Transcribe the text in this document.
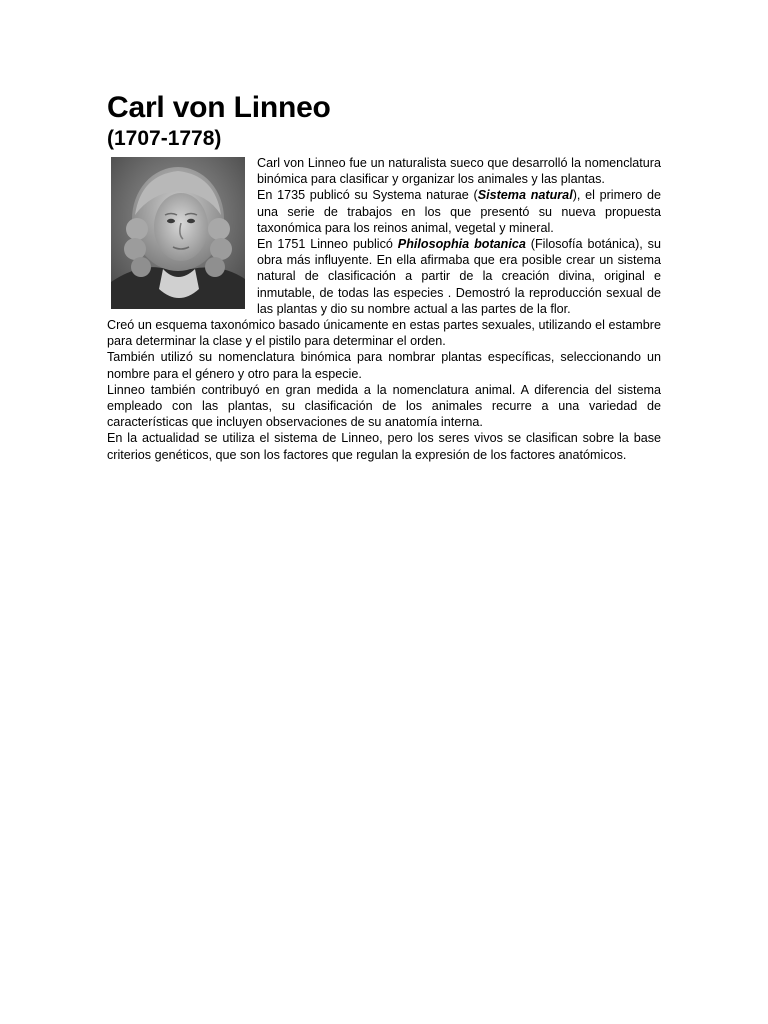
Carl von Linneo
(1707-1778)

Carl von Linneo fue un naturalista sueco que desarrolló la nomenclatura binómica para clasificar y organizar los animales y las plantas.

En 1735 publicó su Systema naturae (Sistema natural), el primero de una serie de trabajos en los que presentó su nueva propuesta taxonómica para los reinos animal, vegetal y mineral.

En 1751 Linneo publicó Philosophia botanica (Filosofía botánica), su obra más influyente. En ella afirmaba que era posible crear un sistema natural de clasificación a partir de la creación divina, original e inmutable, de todas las especies . Demostró la reproducción sexual de las plantas y dio su nombre actual a las partes de la flor.

Creó un esquema taxonómico basado únicamente en estas partes sexuales, utilizando el estambre para determinar la clase y el pistilo para determinar el orden.

También utilizó su nomenclatura binómica para nombrar plantas específicas, seleccionando un nombre para el género y otro para la especie.

Linneo también contribuyó en gran medida a la nomenclatura animal. A diferencia del sistema empleado con las plantas, su clasificación de los animales recurre a una variedad de características que incluyen observaciones de su anatomía interna.

En la actualidad se utiliza el sistema de Linneo, pero los seres vivos se clasifican sobre la base criterios genéticos, que son los factores que regulan la expresión de los factores anatómicos.
